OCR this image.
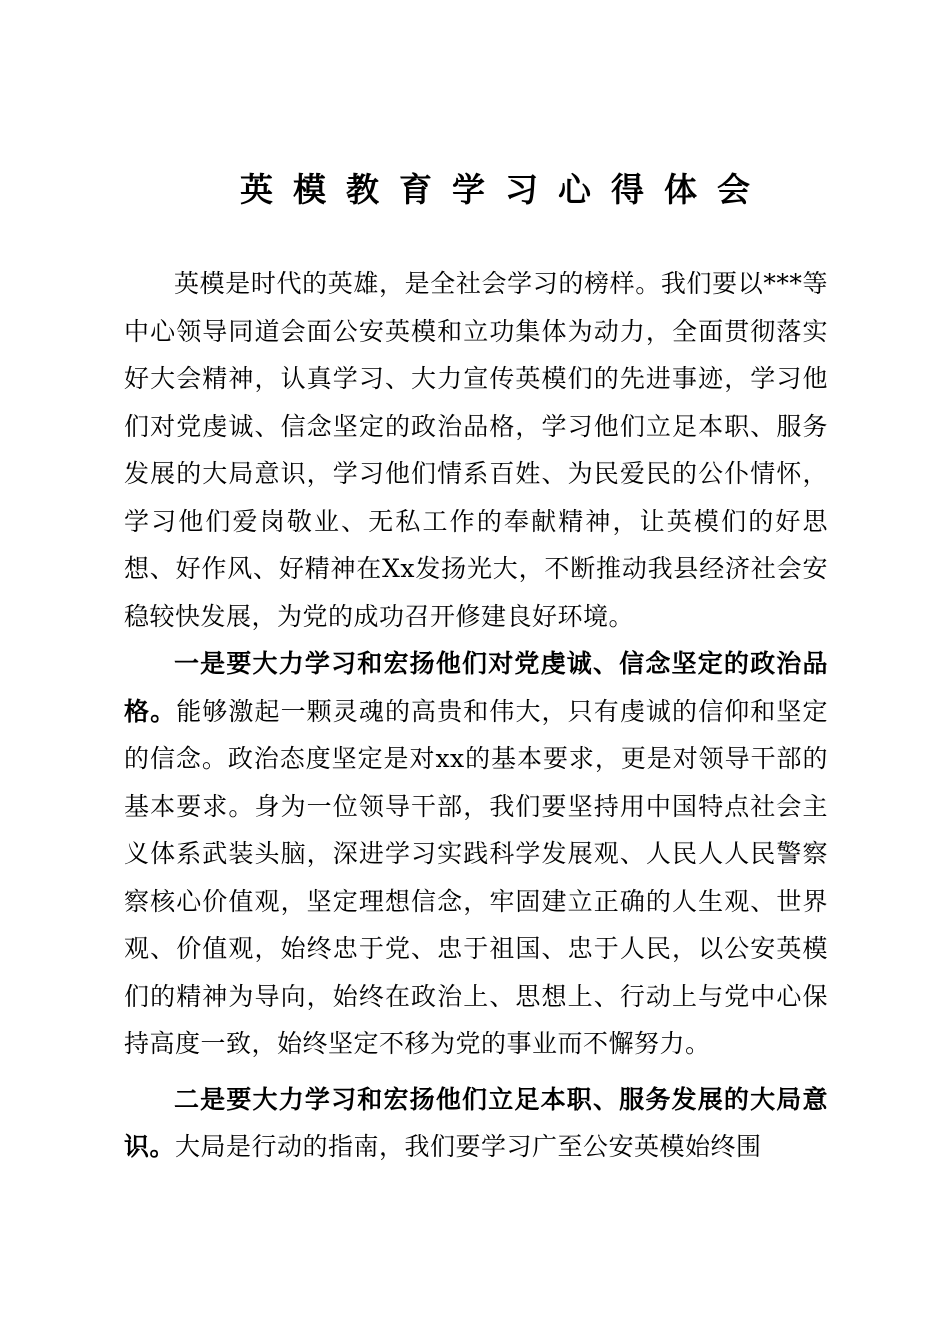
英模教育学习心得体会

英模是时代的英雄，是全社会学习的榜样。我们要以***等中心领导同道会面公安英模和立功集体为动力，全面贯彻落实好大会精神，认真学习、大力宣传英模们的先进事迹，学习他们对党虔诚、信念坚定的政治品格，学习他们立足本职、服务发展的大局意识，学习他们情系百姓、为民爱民的公仆情怀，学习他们爱岗敬业、无私工作的奉献精神，让英模们的好思想、好作风、好精神在Xx发扬光大，不断推动我县经济社会安稳较快发展，为党的成功召开修建良好环境。

一是要大力学习和宏扬他们对党虔诚、信念坚定的政治品格。能够激起一颗灵魂的高贵和伟大，只有虔诚的信仰和坚定的信念。政治态度坚定是对xx的基本要求，更是对领导干部的基本要求。身为一位领导干部，我们要坚持用中国特点社会主义体系武装头脑，深进学习实践科学发展观、人民人人民警察察核心价值观，坚定理想信念，牢固建立正确的人生观、世界观、价值观，始终忠于党、忠于祖国、忠于人民，以公安英模们的精神为导向，始终在政治上、思想上、行动上与党中心保持高度一致，始终坚定不移为党的事业而不懈努力。

二是要大力学习和宏扬他们立足本职、服务发展的大局意识。大局是行动的指南，我们要学习广至公安英模始终围
